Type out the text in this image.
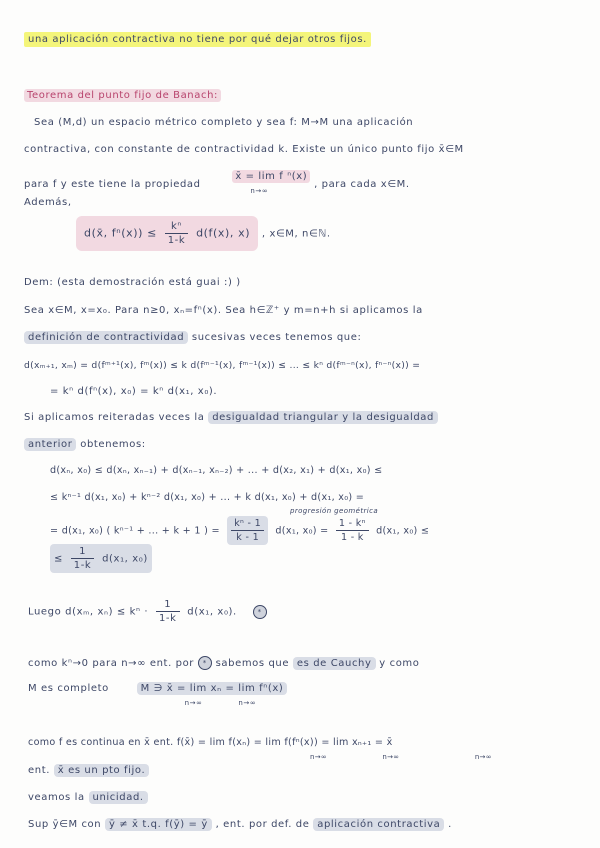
una aplicación contractiva no tiene por qué dejar otros fijos.
Teorema del punto fijo de Banach:
Sea (M,d) un espacio métrico completo y sea f: M→M una aplicación
contractiva, con constante de contractividad k. Existe un único punto fijo x̄∈M
para f y este tiene la propiedad x̄ = lim f ⁿ(x)
n→∞ , para cada x∈M.
Además,
d(x̄, $f^n(x)) \le \frac{\text{kⁿ}}{1-k} d(f(x)$, x) , x∈M, n∈ℕ.
Dem: (esta demostración está guai :) )
Sea x∈M, x=x₀. Para n≥0, xₙ=fⁿ(x). Sea h∈ℤ⁺ y m=n+h si aplicamos la
definición de contractividad sucesivas veces tenemos que:
d(xₘ₊₁, xₘ) = d(fᵐ⁺¹(x), fᵐ(x)) ≤ k d(fᵐ⁻¹(x), fᵐ⁻¹(x)) ≤ ... ≤ kⁿ d(fᵐ⁻ⁿ(x), fⁿ⁻ⁿ(x)) =
= kⁿ d(fⁿ(x), x₀) = kⁿ d(x₁, x₀).
Si aplicamos reiteradas veces la desigualdad triangular y la desigualdad
anterior obtenemos:
d(xₙ, x₀) ≤ d(xₙ, xₙ₋₁) + d(xₙ₋₁, xₙ₋₂) + ... + d(x₂, x₁) + d(x₁, x₀) ≤
≤ kⁿ⁻¹ d(x₁, x₀) + kⁿ⁻² d(x₁, x₀) + ... + k d(x₁, x₀) + d(x₁, x₀) =
progresión geométrica
= d(x₁, x₀) ( kⁿ⁻¹ + ... + k + 1 ) = $\frac{\text{kⁿ - 1}}{k - 1} d(x_1$, $x_0) = \frac{\text{1 - kⁿ}}{1 - k} d(x_1$, x₀) ≤
≤ $\frac{1}{1-k} d(x_1$, x₀)
Luego d(xₘ, $x_n) \le k^n \cdot \frac{1}{1-k} d(x_1$, x₀).	*
como kⁿ→0 para n→∞ ent. por * sabemos que es de Cauchy y como
M es completo	M ∋ x̄ = lim xₙ = lim fⁿ(x)
n→∞	n→∞
como f es continua en x̄ ent. f(x̄) = lim f(xₙ) = lim f(fⁿ(x)) = lim xₙ₊₁ = x̄
n→∞	n→∞	n→∞
ent. x̄ es un pto fijo.
veamos la unicidad.
Sup ȳ∈M con ȳ ≠ x̄ t.q. f(ȳ) = ȳ , ent. por def. de aplicación contractiva .
